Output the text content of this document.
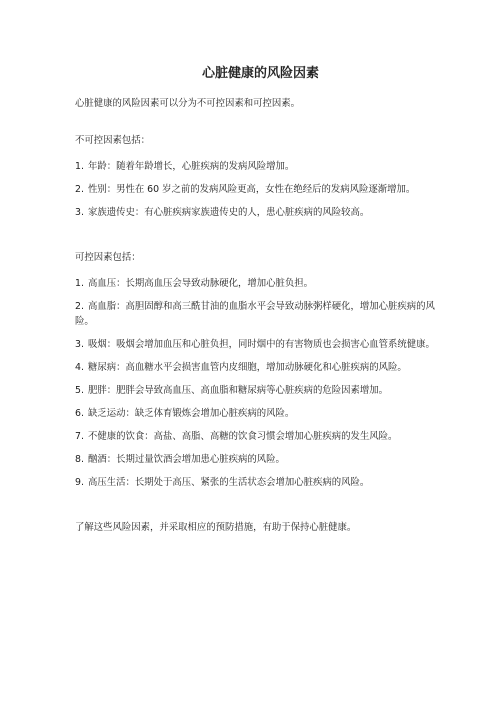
心脏健康的风险因素

心脏健康的风险因素可以分为不可控因素和可控因素。

不可控因素包括：

1. 年龄：随着年龄增长，心脏疾病的发病风险增加。
2. 性别：男性在 60 岁之前的发病风险更高，女性在绝经后的发病风险逐渐增加。
3. 家族遗传史：有心脏疾病家族遗传史的人，患心脏疾病的风险较高。

可控因素包括：

1. 高血压：长期高血压会导致动脉硬化，增加心脏负担。
2. 高血脂：高胆固醇和高三酰甘油的血脂水平会导致动脉粥样硬化，增加心脏疾病的风险。
3. 吸烟：吸烟会增加血压和心脏负担，同时烟中的有害物质也会损害心血管系统健康。
4. 糖尿病：高血糖水平会损害血管内皮细胞，增加动脉硬化和心脏疾病的风险。
5. 肥胖：肥胖会导致高血压、高血脂和糖尿病等心脏疾病的危险因素增加。
6. 缺乏运动：缺乏体育锻炼会增加心脏疾病的风险。
7. 不健康的饮食：高盐、高脂、高糖的饮食习惯会增加心脏疾病的发生风险。
8. 酗酒：长期过量饮酒会增加患心脏疾病的风险。
9. 高压生活：长期处于高压、紧张的生活状态会增加心脏疾病的风险。

了解这些风险因素，并采取相应的预防措施，有助于保持心脏健康。
